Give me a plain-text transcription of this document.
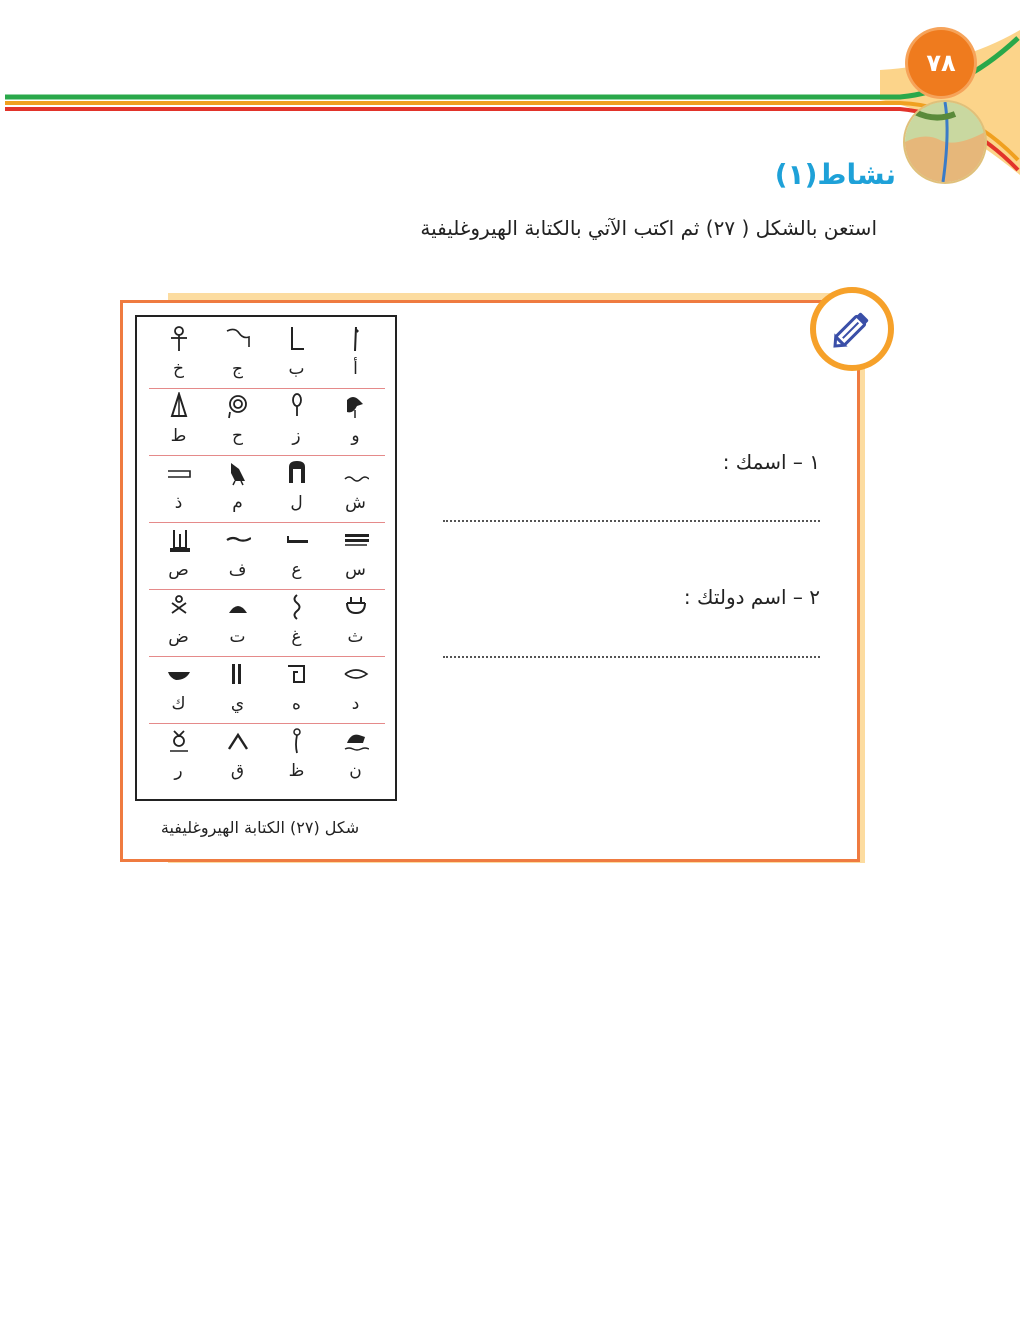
٧٨
نشاط(١)
استعن بالشكل ( ٢٧) ثم اكتب الآتي بالكتابة الهيروغليفية
أ
ب
ج
خ
و
ز
ح
ط
ش
ل
م
ذ
س
ع
ف
ص
ث
غ
ت
ض
د
ه
ي
ك
ن
ظ
ق
ر
شكل (٢٧) الكتابة الهيروغليفية
١ – اسمك :
٢ – اسم دولتك :
